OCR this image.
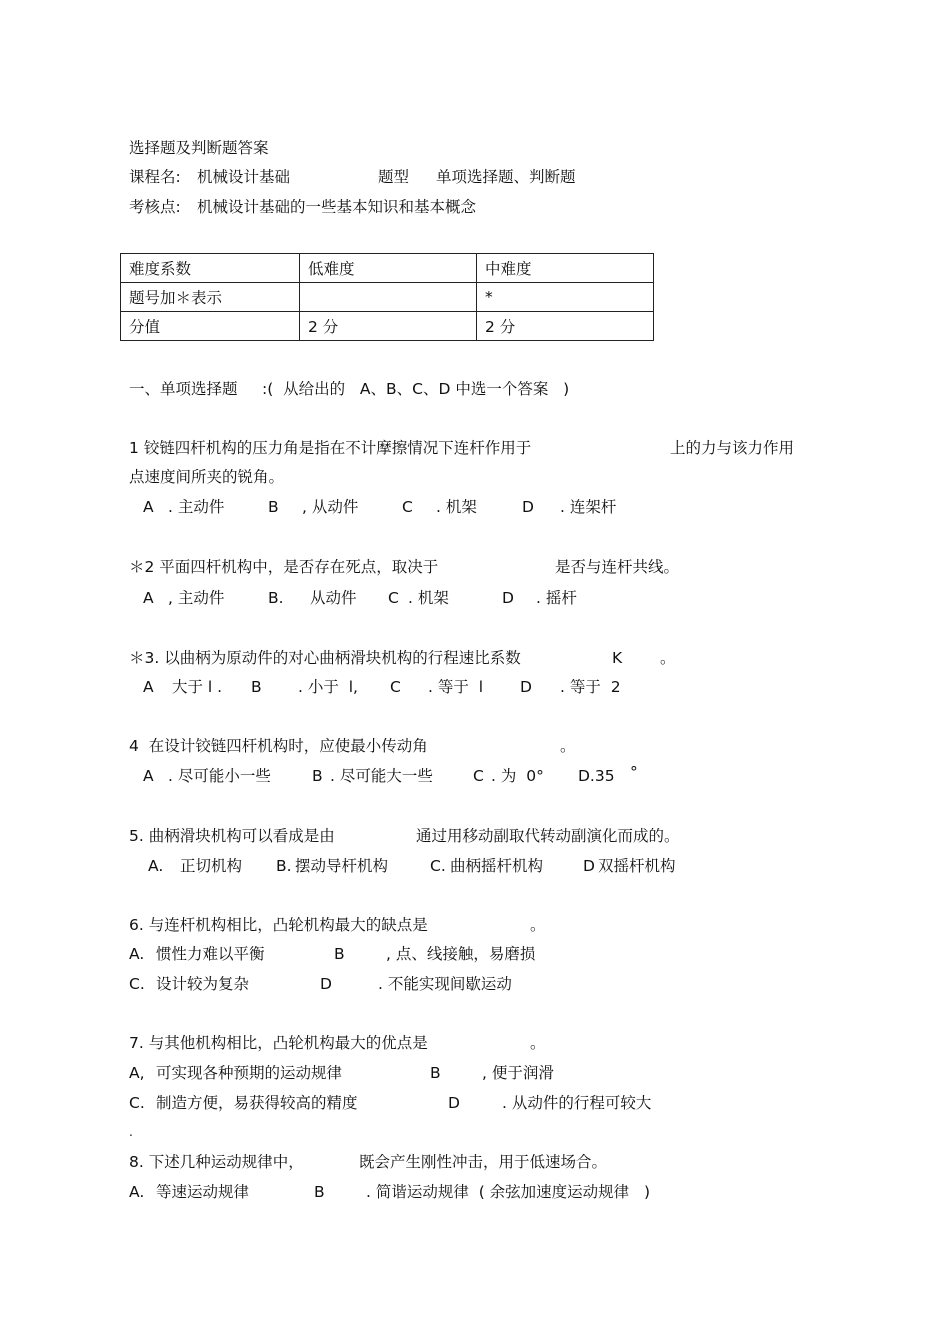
选择题及判断题答案
课程名: 机械设计基础	题型 单项选择题、判断题
考核点: 机械设计基础的一些基本知识和基本概念
难度系数	低难度	中难度
题号加＊表示		*
分值	2 分	2 分
一、单项选择题 :(  从给出的   A、B、C、D 中选一个答案   )
1 铰链四杆机构的压力角是指在不计摩擦情况下连杆作用于	上的力与该力作用
点速度间所夹的锐角。
A . 主动件	B , 从动件	C . 机架	D . 连架杆
＊2 平面四杆机构中，是否存在死点，取决于	是否与连杆共线。
A , 主动件	B. 从动件 C . 机架	D . 摇杆
＊3. 以曲柄为原动件的对心曲柄滑块机构的行程速比系数	K 。
A 大于 l . B . 小于  l, C . 等于  l D . 等于  2
4  在设计铰链四杆机构时，应使最小传动角	。
A . 尽可能小一些	B . 尽可能大一些	C . 为  0° D.35 °
5. 曲柄滑块机构可以看成是由	通过用移动副取代转动副演化而成的。
A. 正切机构 B. 摆动导杆机构	C. 曲柄摇杆机构	D 双摇杆机构
6. 与连杆机构相比，凸轮机构最大的缺点是	。
A. 惯性力难以平衡	B	, 点、线接触，易磨损
C. 设计较为复杂	D	. 不能实现间歇运动
7. 与其他机构相比，凸轮机构最大的优点是	。
A, 可实现各种预期的运动规律	B	, 便于润滑
C. 制造方便，易获得较高的精度	D	. 从动件的行程可较大
.
8. 下述几种运动规律中，	既会产生刚性冲击，用于低速场合。
A. 等速运动规律	B	. 简谐运动规律  ( 余弦加速度运动规律   )
